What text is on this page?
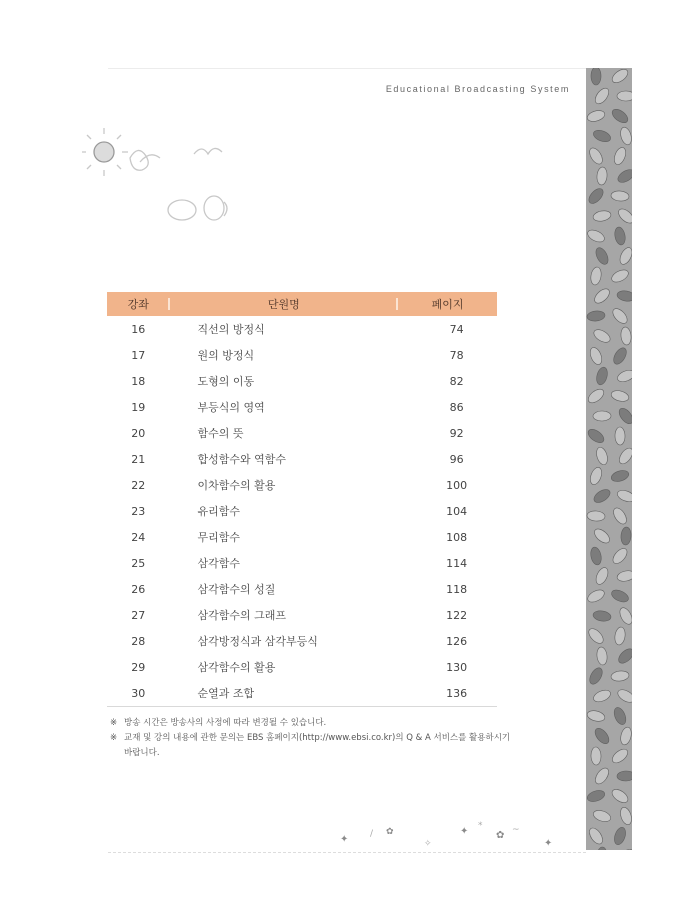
Educational Broadcasting System
강좌	단원명	페이지
16	직선의 방정식	74
17	원의 방정식	78
18	도형의 이동	82
19	부등식의 영역	86
20	함수의 뜻	92
21	합성함수와 역함수	96
22	이차함수의 활용	100
23	유리함수	104
24	무리함수	108
25	삼각함수	114
26	삼각함수의 성질	118
27	삼각함수의 그래프	122
28	삼각방정식과 삼각부등식	126
29	삼각함수의 활용	130
30	순열과 조합	136
※ 방송 시간은 방송사의 사정에 따라 변경될 수 있습니다.
※ 교재 및 강의 내용에 관한 문의는 EBS 홈페이지(http://www.ebsi.co.kr)의 Q & A 서비스를 활용하시기
바랍니다.
✦ / ✿
✧
✦ *
✿ ~
✦
